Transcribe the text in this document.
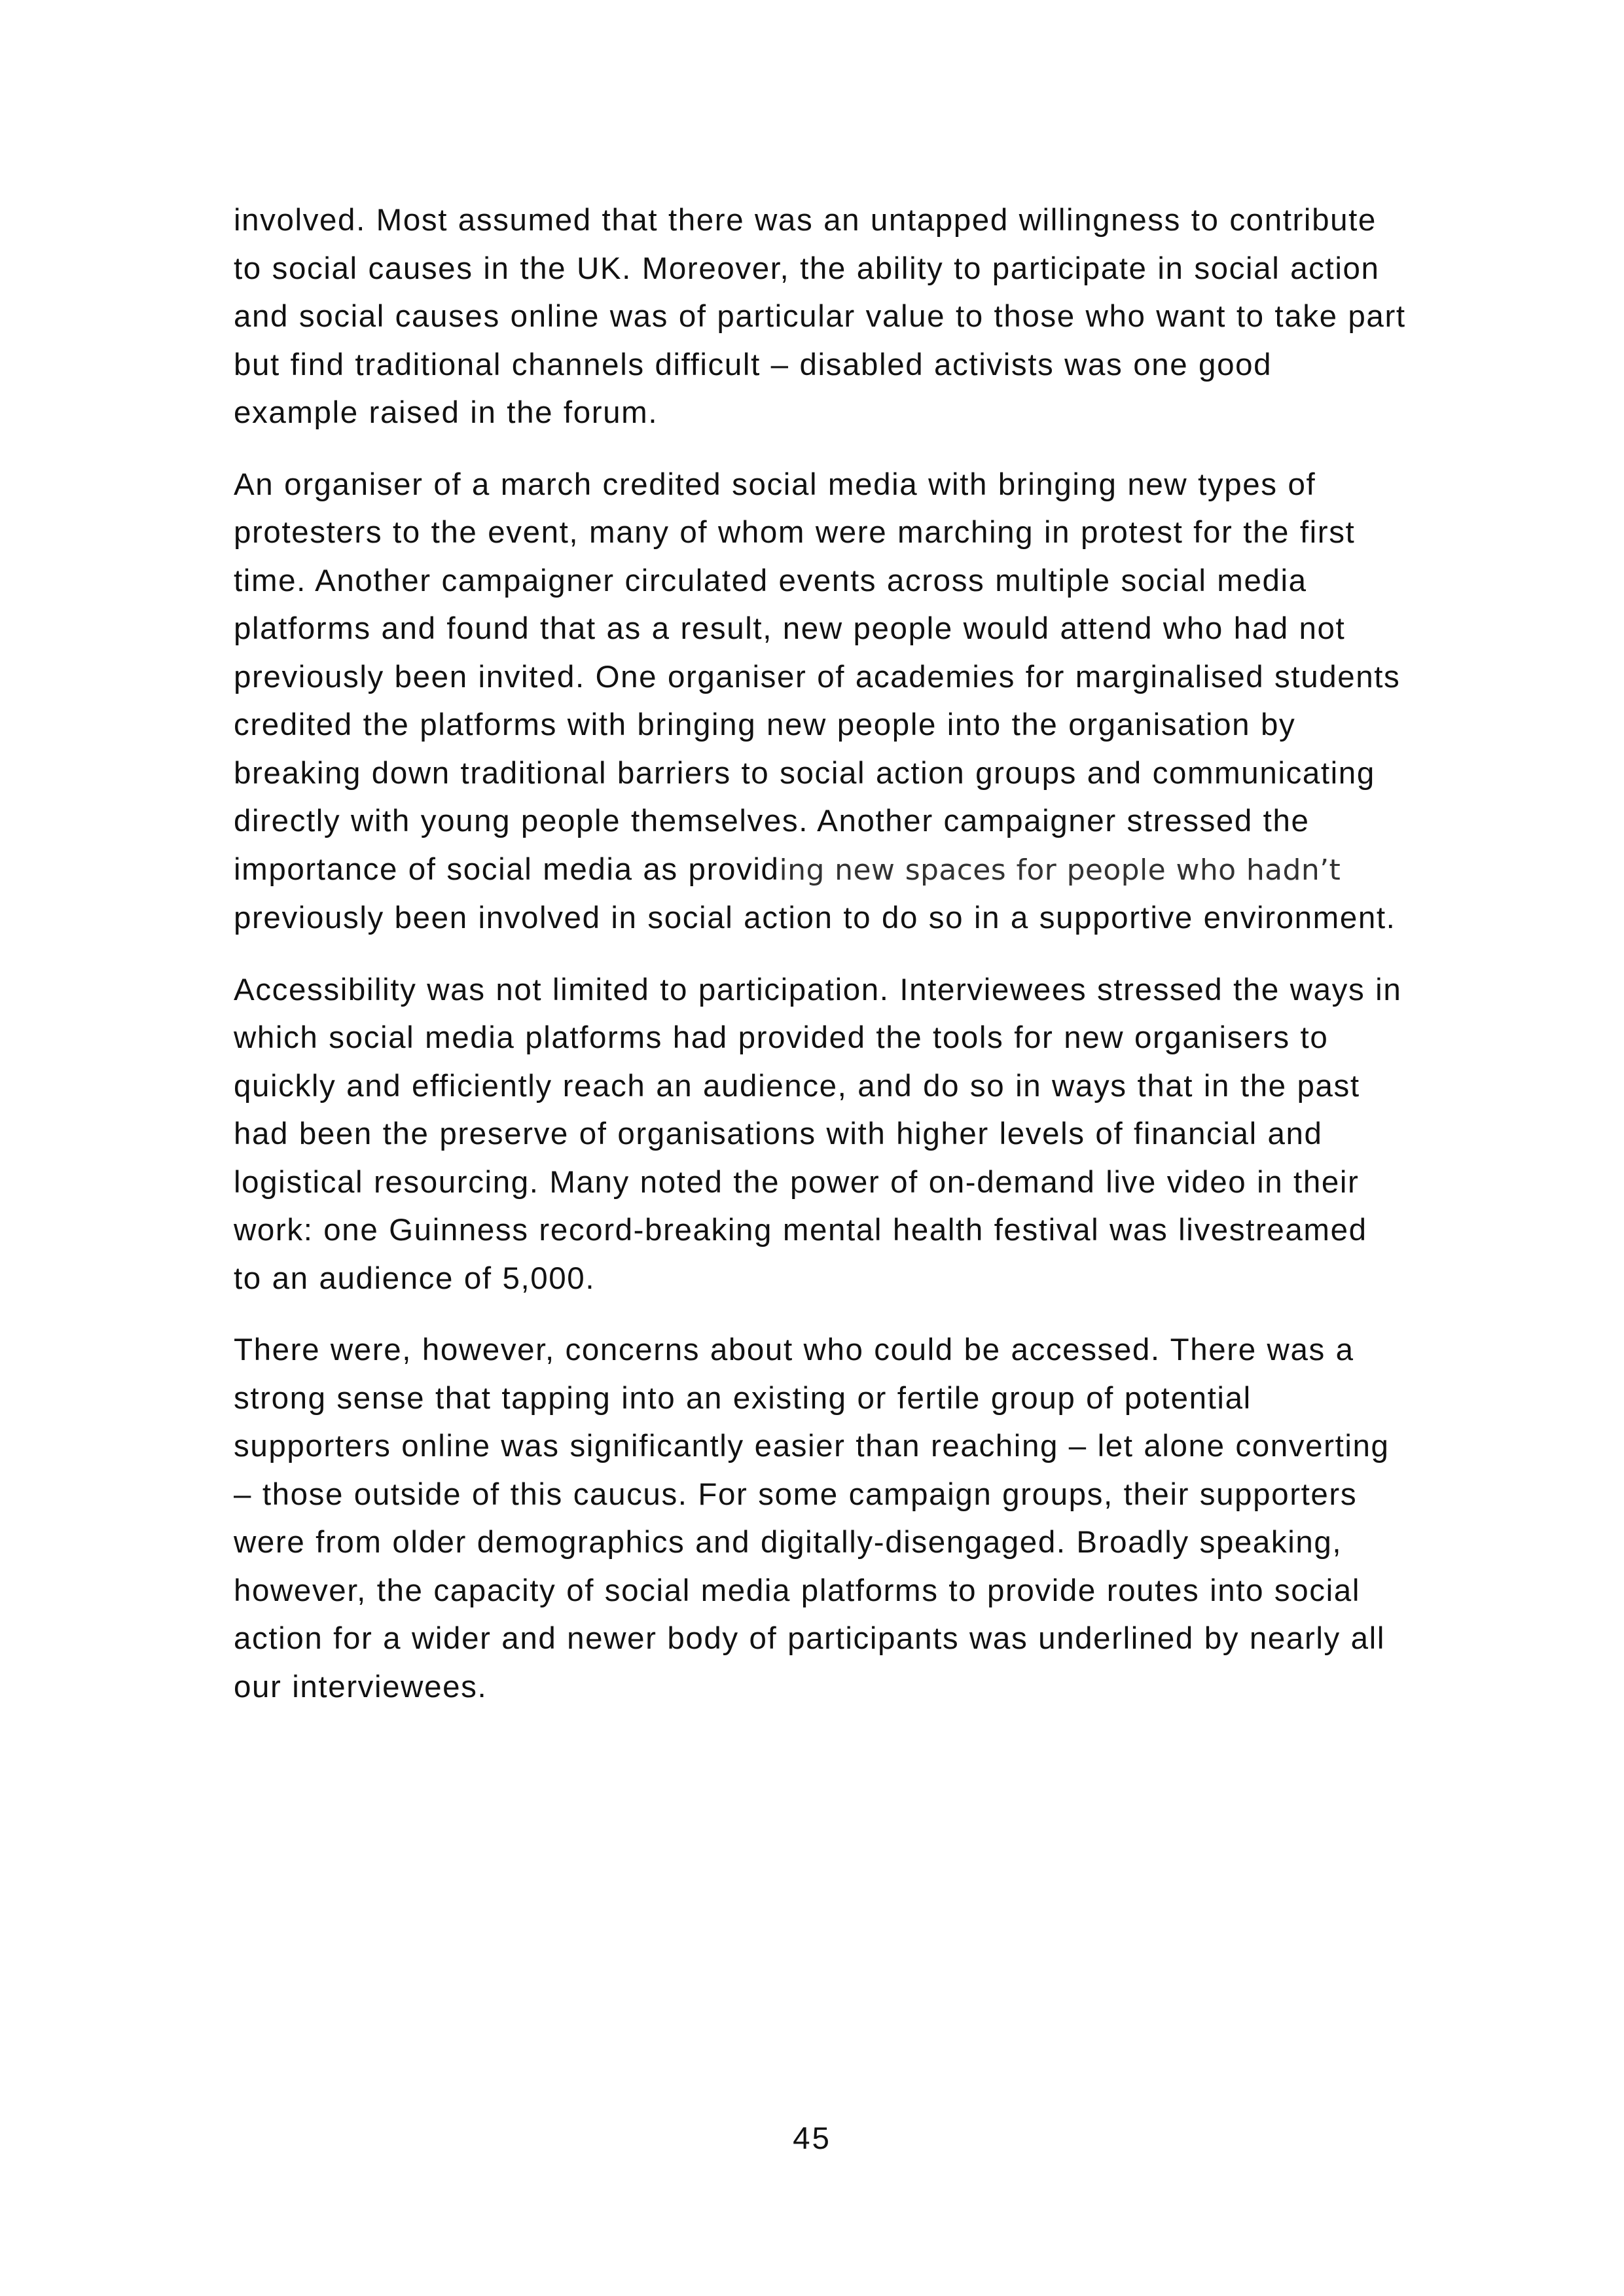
involved. Most assumed that there was an untapped willingness to contribute
to social causes in the UK. Moreover, the ability to participate in social action
and social causes online was of particular value to those who want to take part
but find traditional channels difficult – disabled activists was one good
example raised in the forum.

An organiser of a march credited social media with bringing new types of
protesters to the event, many of whom were marching in protest for the first
time. Another campaigner circulated events across multiple social media
platforms and found that as a result, new people would attend who had not
previously been invited. One organiser of academies for marginalised students
credited the platforms with bringing new people into the organisation by
breaking down traditional barriers to social action groups and communicating
directly with young people themselves. Another campaigner stressed the
importance of social media as providing new spaces for people who hadn’t
previously been involved in social action to do so in a supportive environment.

Accessibility was not limited to participation. Interviewees stressed the ways in
which social media platforms had provided the tools for new organisers to
quickly and efficiently reach an audience, and do so in ways that in the past
had been the preserve of organisations with higher levels of financial and
logistical resourcing. Many noted the power of on-demand live video in their
work: one Guinness record-breaking mental health festival was livestreamed
to an audience of 5,000.

There were, however, concerns about who could be accessed. There was a
strong sense that tapping into an existing or fertile group of potential
supporters online was significantly easier than reaching – let alone converting
– those outside of this caucus. For some campaign groups, their supporters
were from older demographics and digitally-disengaged. Broadly speaking,
however, the capacity of social media platforms to provide routes into social
action for a wider and newer body of participants was underlined by nearly all
our interviewees.

45
